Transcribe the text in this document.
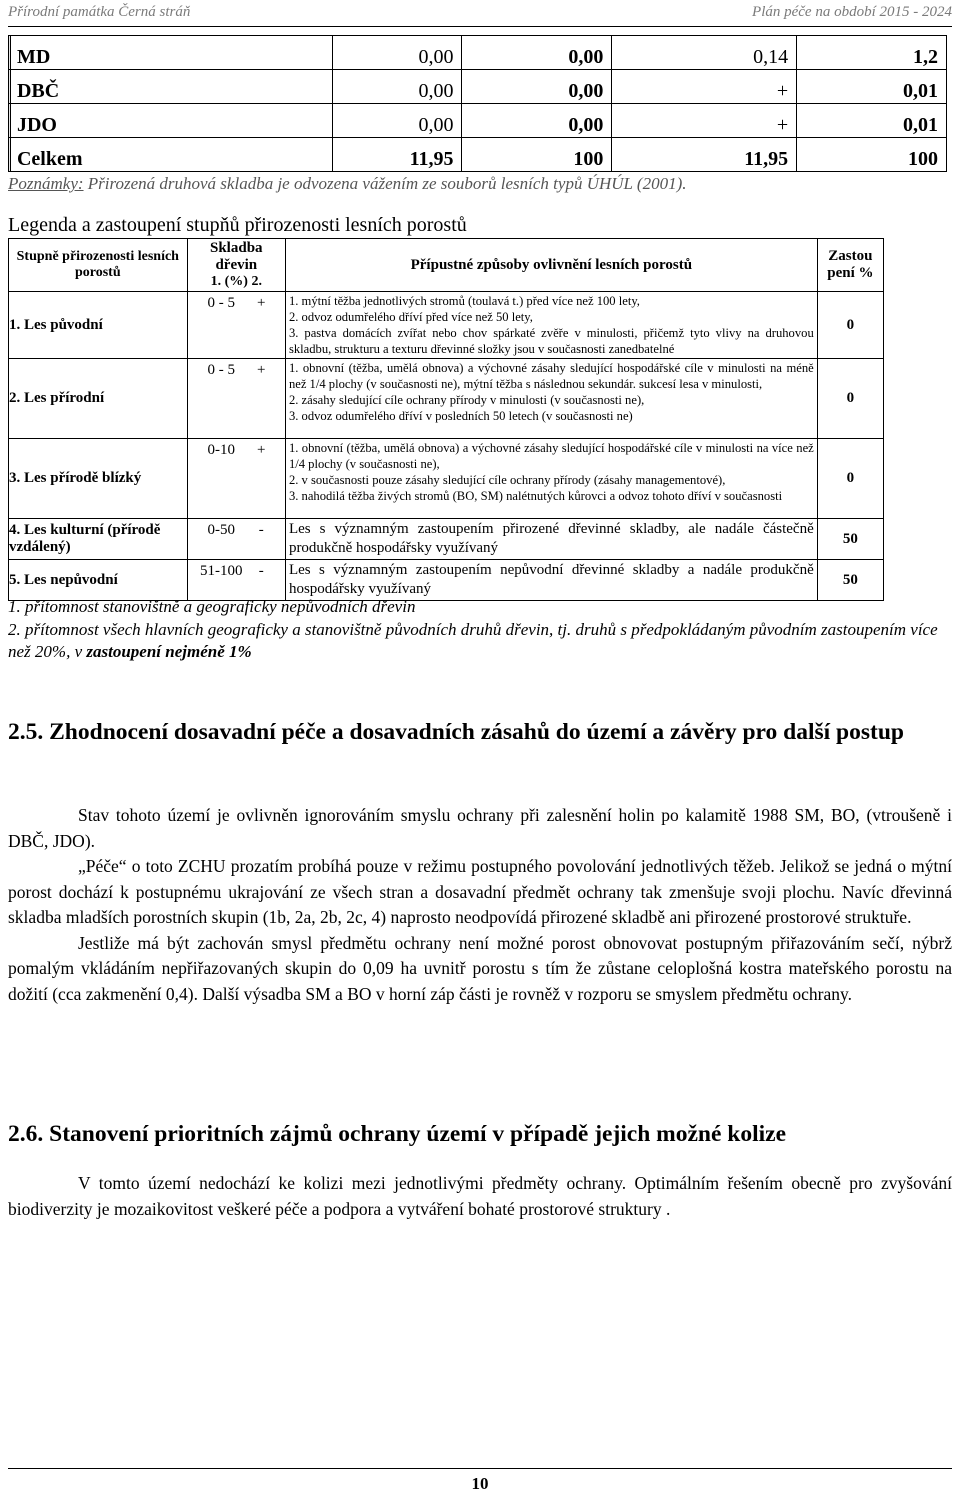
Přírodní památka Černá stráň	Plán péče na období 2015 - 2024
	MD	0,00	0,00	0,14	1,2
	DBČ	0,00	0,00	+	0,01
	JDO	0,00	0,00	+	0,01
	Celkem	11,95	100	11,95	100
Poznámky: Přirozená druhová skladba je odvozena vážením ze souborů lesních typů ÚHÚL (2001).
Legenda a zastoupení stupňů přirozenosti lesních porostů
Stupně přirozenosti lesních porostů	Skladba dřevin	Přípustné způsoby ovlivnění lesních porostů	Zastou pení %
	1. (%) 2.		
1. Les původní	0 - 5 +	1. mýtní těžba jednotlivých stromů (toulavá t.) před více než 100 lety,
2. odvoz odumřelého dříví před více než 50 lety,
3. pastva domácích zvířat nebo chov spárkaté zvěře v minulosti, přičemž tyto vlivy na druhovou skladbu, strukturu a texturu dřevinné složky jsou v současnosti zanedbatelné	0
2. Les přírodní	0 - 5 +	1. obnovní (těžba, umělá obnova) a výchovné zásahy sledující hospodářské cíle v minulosti na méně než 1/4 plochy (v současnosti ne), mýtní těžba s následnou sekundár. sukcesí lesa v minulosti,
2. zásahy sledující cíle ochrany přírody v minulosti (v současnosti ne),
3. odvoz odumřelého dříví v posledních 50 letech (v současnosti ne)	0
3. Les přírodě blízký	0-10 +	1. obnovní (těžba, umělá obnova) a výchovné zásahy sledující hospodářské cíle v minulosti na více než 1/4 plochy (v současnosti ne),
2. v současnosti pouze zásahy sledující cíle ochrany přírody (zásahy managementové),
3. nahodilá těžba živých stromů (BO, SM) nalétnutých kůrovci a odvoz tohoto dříví v současnosti	0
4. Les kulturní (přírodě vzdálený)	0-50 -	Les s významným zastoupením přirozené dřevinné skladby, ale nadále částečně produkčně hospodářsky využívaný	50
5. Les nepůvodní	51-100 -	Les s významným zastoupením nepůvodní dřevinné skladby a nadále produkčně hospodářsky využívaný	50
1. přítomnost stanovištně a geograficky nepůvodních dřevin
2. přítomnost všech hlavních geograficky a stanovištně původních druhů dřevin, tj. druhů s předpokládaným původním zastoupením více než 20%, v zastoupení nejméně 1%
2.5. Zhodnocení dosavadní péče a dosavadních zásahů do území a závěry pro další postup

Stav tohoto území je ovlivněn ignorováním smyslu ochrany při zalesnění holin po kalamitě 1988 SM, BO, (vtroušeně i DBČ, JDO).

„Péče“ o toto ZCHU prozatím probíhá pouze v režimu postupného povolování jednotlivých těžeb. Jelikož se jedná o mýtní porost dochází k postupnému ukrajování ze všech stran a dosavadní předmět ochrany tak zmenšuje svoji plochu. Navíc dřevinná skladba mladších porostních skupin (1b, 2a, 2b, 2c, 4) naprosto neodpovídá přirozené skladbě ani přirozené prostorové struktuře.

Jestliže má být zachován smysl předmětu ochrany není možné porost obnovovat postupným přiřazováním sečí, nýbrž pomalým vkládáním nepřiřazovaných skupin do 0,09 ha uvnitř porostu s tím že zůstane celoplošná kostra mateřského porostu na dožití (cca zakmenění 0,4). Další výsadba SM a BO v horní záp části je rovněž v rozporu se smyslem předmětu ochrany.

2.6. Stanovení prioritních zájmů ochrany území v případě jejich možné kolize

V tomto území nedochází ke kolizi mezi jednotlivými předměty ochrany. Optimálním řešením obecně pro zvyšování biodiverzity je mozaikovitost veškeré péče a podpora a vytváření bohaté prostorové struktury .

10
